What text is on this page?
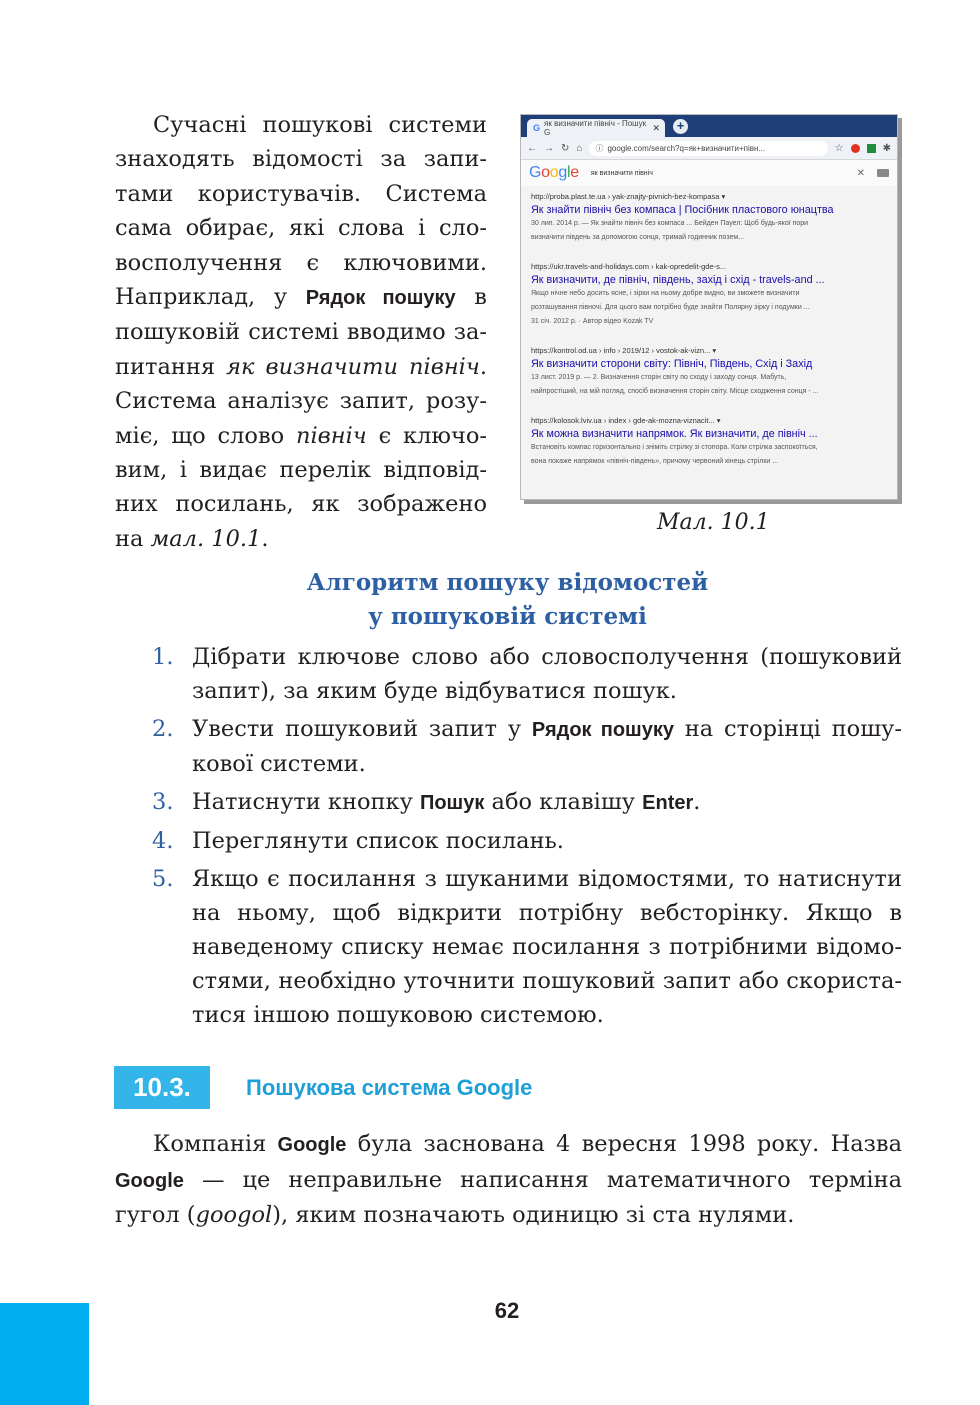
Сучасні пошукові системи знаходять відомості за запитами користувачів. Система сама обирає, які слова і словосполучення є ключовими. Наприклад, у Рядок пошуку в пошуковій системі вводимо запитання як визначити північ. Система аналізує запит, розуміє, що слово північ є ключовим, і видає перелік відповідних посилань, як зображено на мал. 10.1.

G як визначити північ - Пошук G	✕ +
← → ↻ ⌂ ⓘ google.com/search?q=як+визначити+півн...	☆	✱
Google як визначити північ	✕
http://proba.plast.te.ua › yak-znajty-pivnich-bez-kompasa ▾
Як знайти північ без компаса | Посібник пластового юнацтва
30 лип. 2014 р. — Як знайти північ без компаса ... Бейден Пауел: Щоб будь-якої пори
визначити південь за допомогою сонця, тримай годинник позем...
https://ukr.travels-and-holidays.com › kak-opredelit-gde-s...
Як визначити, де північ, південь, захід і схід - travels-and ...
Якщо нічне небо досить ясне, і зірки на ньому добре видно, ви зможете визначити
розташування півночі. Для цього вам потрібно буде знайти Полярну зірку і подумки ...
31 січ. 2012 р. · Автор відео Kozak TV
https://kontrol.od.ua › info › 2019/12 › vostok-ak-vizn... ▾
Як визначити сторони світу: Північ, Південь, Схід і Захід
13 лист. 2019 р. — 2. Визначення сторін світу по сходу і заходу сонця. Мабуть,
найпростіший, на мій погляд, спосіб визначення сторін світу. Місце сходження сонця - ...
https://kolosok.lviv.ua › index › gde-ak-mozna-viznacit... ▾
Як можна визначити напрямок. Як визначити, де північ ...
Встановіть компас горизонтально і зніміть стрілку зі стопора. Коли стрілка заспокоїться,
вона покаже напрямок «північ-південь», причому червоний кінець стрілки ...
Мал. 10.1
Алгоритм пошуку відомостей
у пошуковій системі
1. Дібрати ключове слово або словосполучення (пошуковий запит), за яким буде відбуватися пошук.
2. Увести пошуковий запит у Рядок пошуку на сторінці пошукової системи.
3. Натиснути кнопку Пошук або клавішу Enter.
4. Переглянути список посилань.
5. Якщо є посилання з шуканими відомостями, то натиснути на ньому, щоб відкрити потрібну вебсторінку. Якщо в наведеному списку немає посилання з потрібними відомостями, необхідно уточнити пошуковий запит або скористатися іншою пошуковою системою.
10.3.	Пошукова система Google

Компанія Google була заснована 4 вересня 1998 року. Назва Google — це неправильне написання математичного терміна гугол (googol), яким позначають одиницю зі ста нулями.

62
